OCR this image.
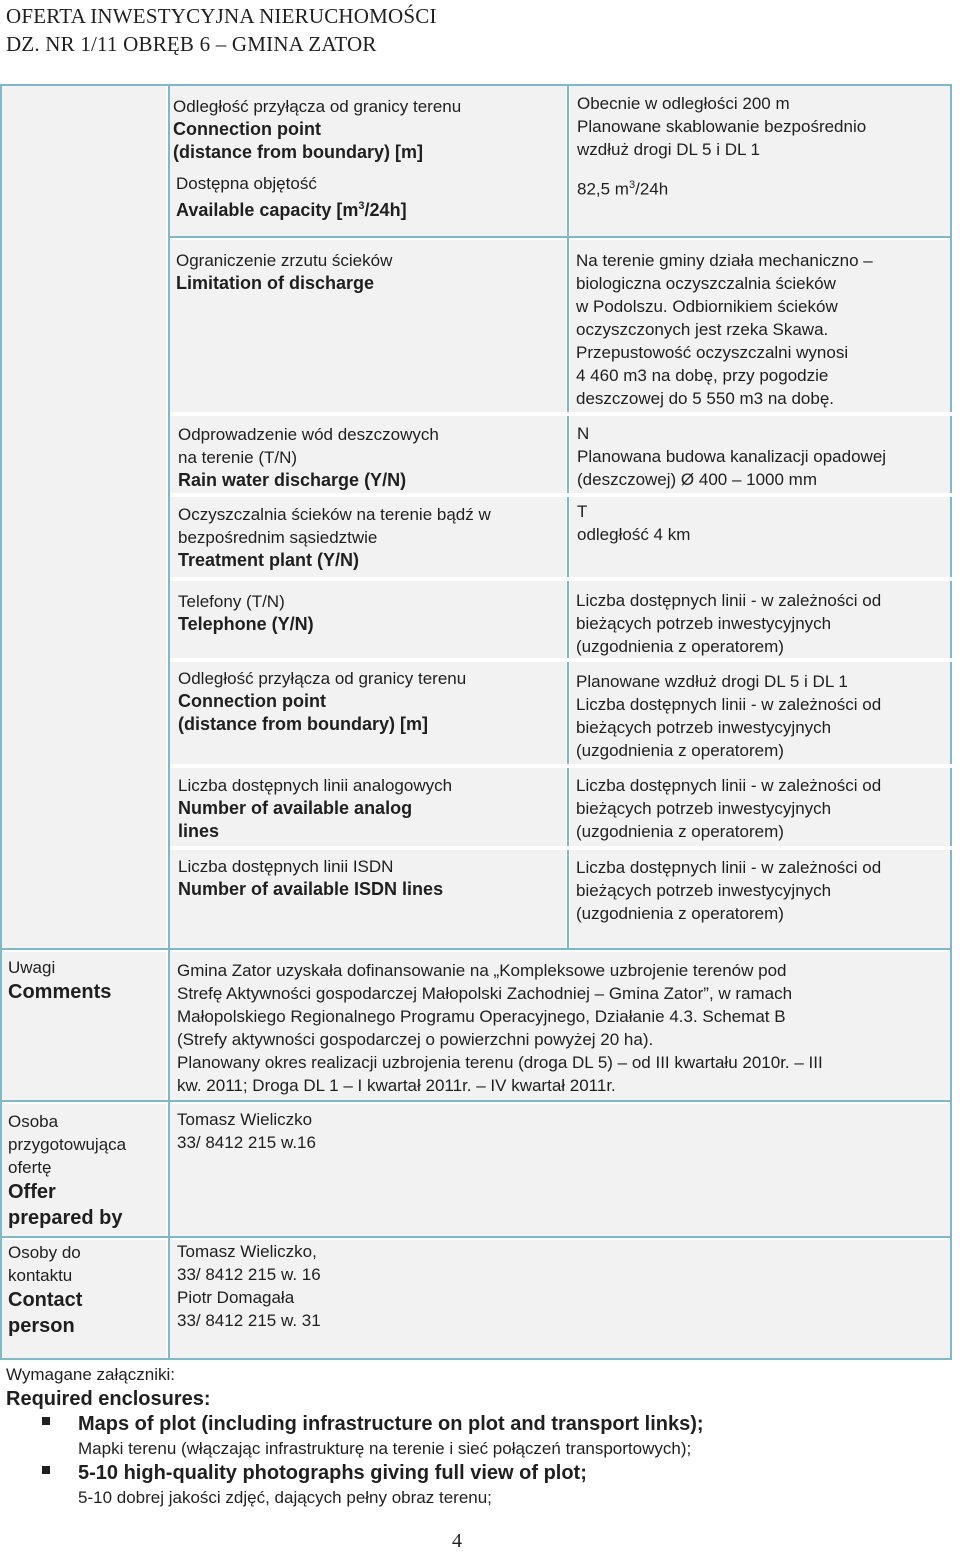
OFERTA INWESTYCYJNA NIERUCHOMOŚCI
DZ. NR 1/11 OBRĘB 6 – GMINA ZATOR
Odległość przyłącza od granicy terenu
Connection point
(distance from boundary) [m]
Obecnie w odległości 200 m
Planowane skablowanie bezpośrednio
wzdłuż drogi DL 5 i DL 1
Dostępna objętość
Available capacity $[m^3/24h]$
82,5 $m^3/24h$
Ograniczenie zrzutu ścieków
Limitation of discharge
Na terenie gminy działa mechaniczno –
biologiczna oczyszczalnia ścieków
w Podolszu. Odbiornikiem ścieków
oczyszczonych jest rzeka Skawa.
Przepustowość oczyszczalni wynosi
4 460 m3 na dobę, przy pogodzie
deszczowej do 5 550 m3 na dobę.
Odprowadzenie wód deszczowych
na terenie (T/N)
Rain water discharge (Y/N)
N
Planowana budowa kanalizacji opadowej
(deszczowej) Ø 400 – 1000 mm
Oczyszczalnia ścieków na terenie bądź w
bezpośrednim sąsiedztwie
Treatment plant (Y/N)
T
odległość 4 km
Telefony (T/N)
Telephone (Y/N)
Liczba dostępnych linii - w zależności od
bieżących potrzeb inwestycyjnych
(uzgodnienia z operatorem)
Odległość przyłącza od granicy terenu
Connection point
(distance from boundary) [m]
Planowane wzdłuż drogi DL 5 i DL 1
Liczba dostępnych linii - w zależności od
bieżących potrzeb inwestycyjnych
(uzgodnienia z operatorem)
Liczba dostępnych linii analogowych
Number of available analog
lines
Liczba dostępnych linii - w zależności od
bieżących potrzeb inwestycyjnych
(uzgodnienia z operatorem)
Liczba dostępnych linii ISDN
Number of available ISDN lines
Liczba dostępnych linii - w zależności od
bieżących potrzeb inwestycyjnych
(uzgodnienia z operatorem)
Uwagi
Comments
Gmina Zator uzyskała dofinansowanie na „Kompleksowe uzbrojenie terenów pod
Strefę Aktywności gospodarczej Małopolski Zachodniej – Gmina Zator”, w ramach
Małopolskiego Regionalnego Programu Operacyjnego, Działanie 4.3. Schemat B
(Strefy aktywności gospodarczej o powierzchni powyżej 20 ha).
Planowany okres realizacji uzbrojenia terenu (droga DL 5) – od III kwartału 2010r. – III
kw. 2011; Droga DL 1 – I kwartał 2011r. – IV kwartał 2011r.
Osoba
przygotowująca
ofertę
Offer
prepared by
Tomasz Wieliczko
33/ 8412 215 w.16
Osoby do
kontaktu
Contact
person
Tomasz Wieliczko,
33/ 8412 215 w. 16
Piotr Domagała
33/ 8412 215 w. 31
Wymagane załączniki:
Required enclosures:
Maps of plot (including infrastructure on plot and transport links);
Mapki terenu (włączając infrastrukturę na terenie i sieć połączeń transportowych);
5-10 high-quality photographs giving full view of plot;
5-10 dobrej jakości zdjęć, dających pełny obraz terenu;
4
